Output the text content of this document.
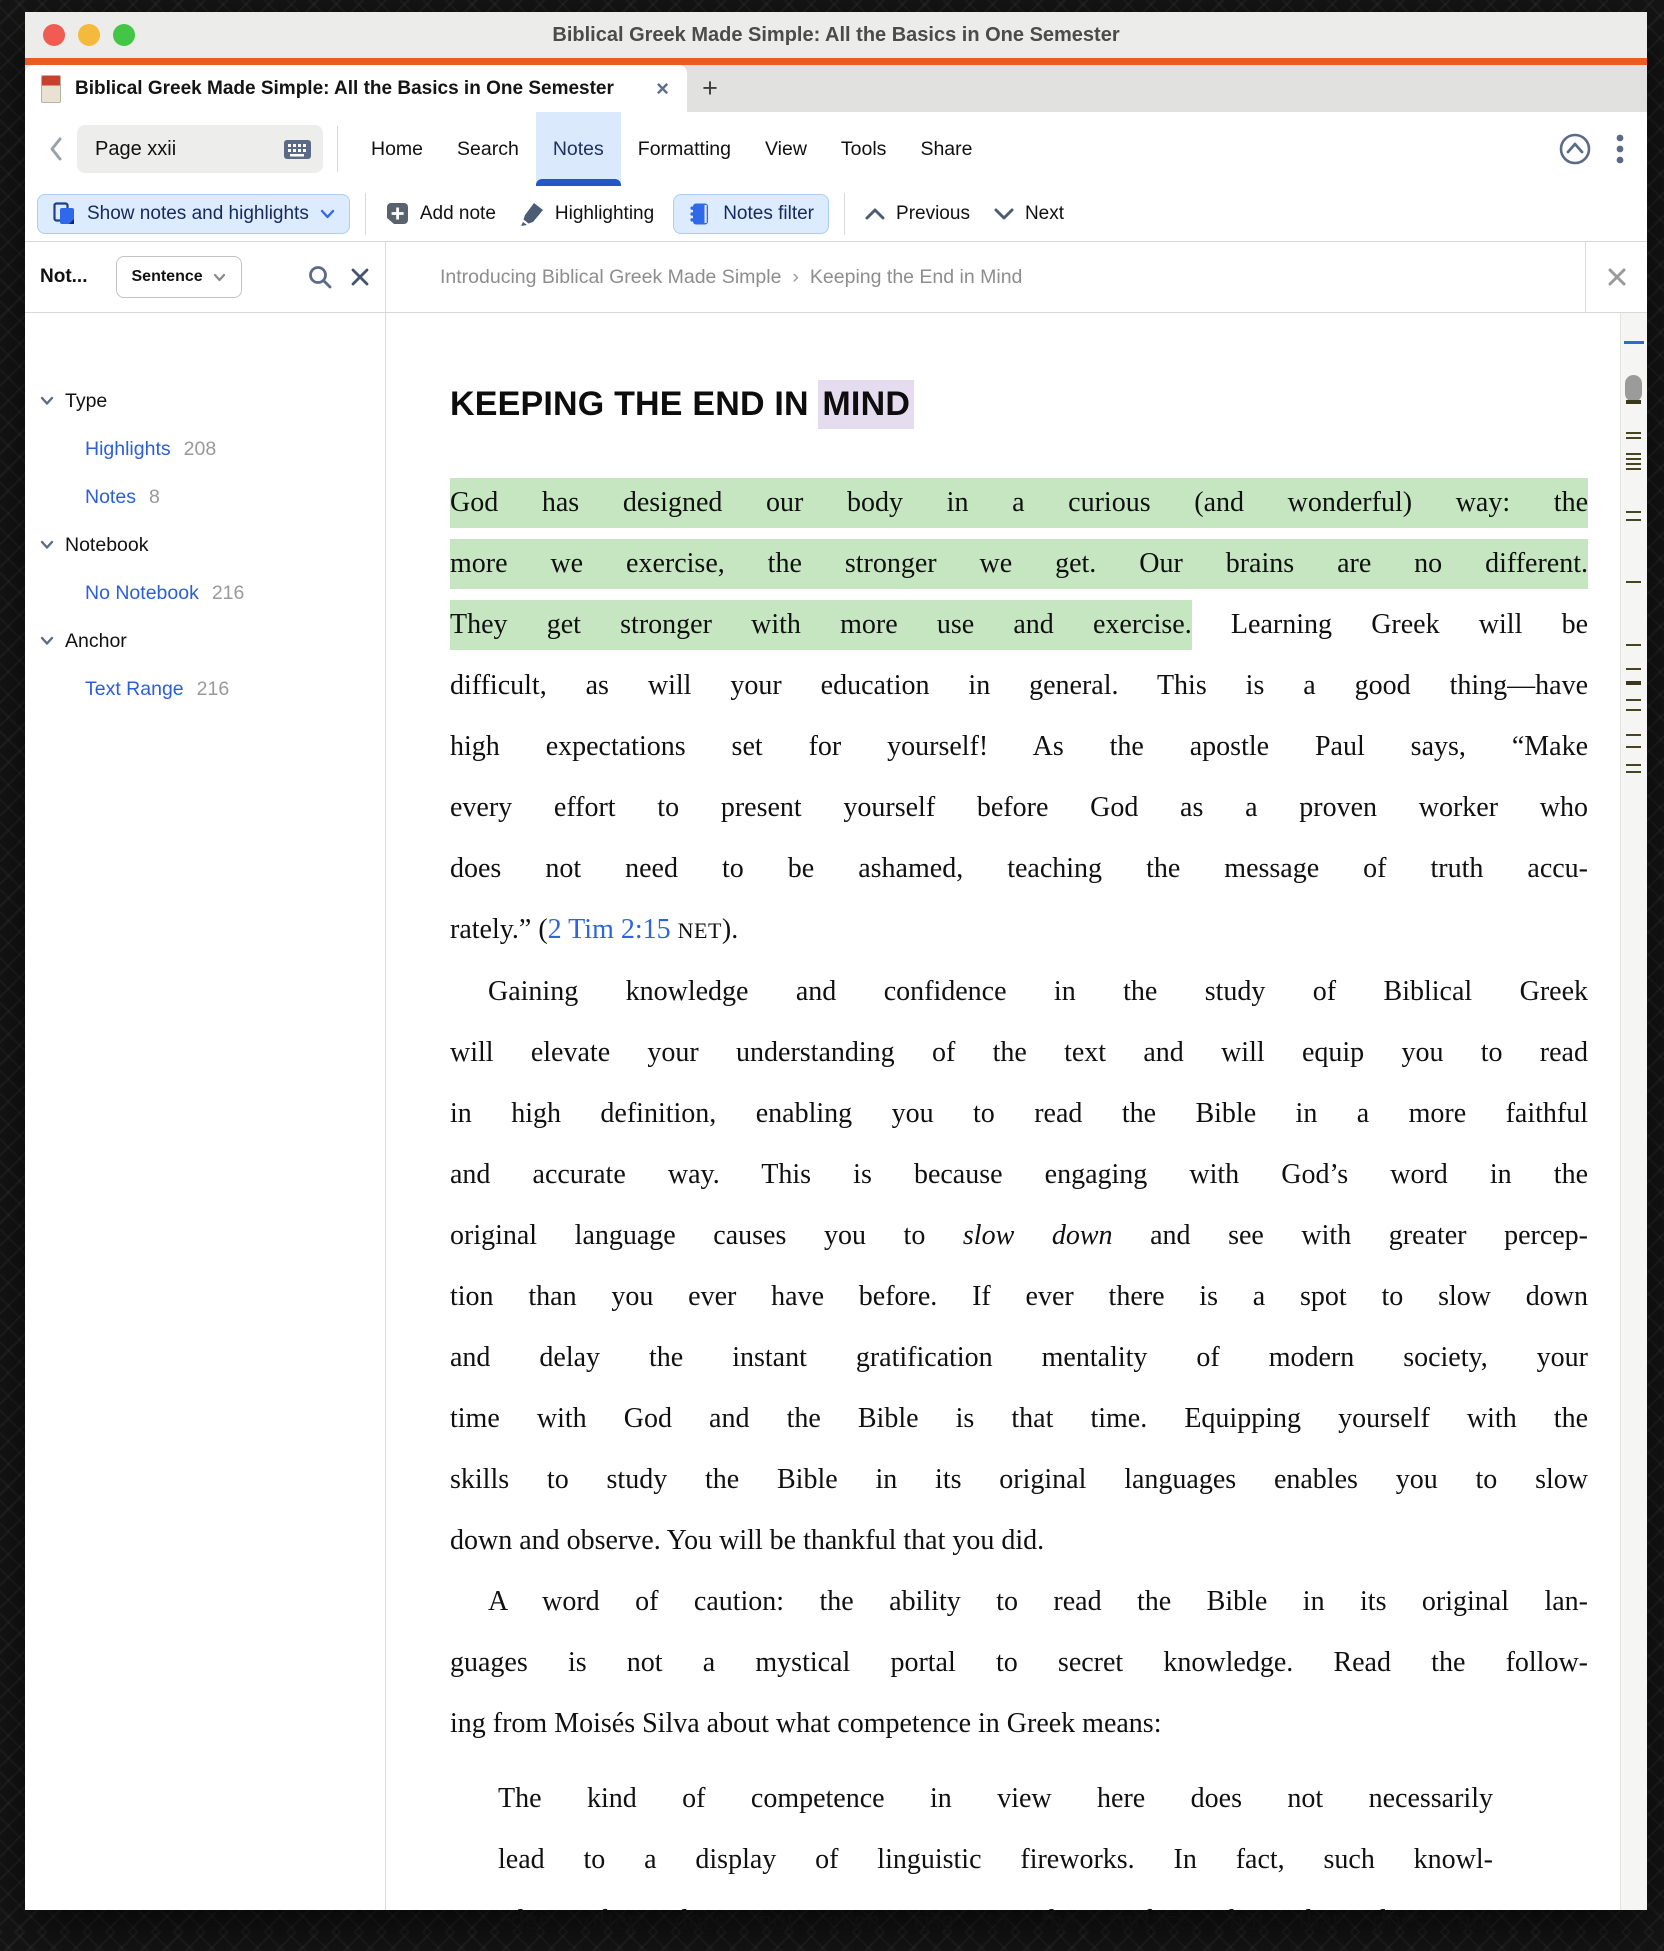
Biblical Greek Made Simple: All the Basics in One Semester
Biblical Greek Made Simple: All the Basics in One Semester ×	+
Page xxii
Home	Search	Notes	Formatting	View	Tools	Share
Show notes and highlights	Add note	Highlighting	Notes filter	Previous	Next
Not...	Sentence
Type
Highlights 208
Notes 8
Notebook
No Notebook 216
Anchor
Text Range 216
Introducing Biblical Greek Made Simple › Keeping the End in Mind
KEEPING THE END IN MIND
God has designed our body in a curious (and wonderful) way: the
more we exercise, the stronger we get. Our brains are no different.
They get stronger with more use and exercise. Learning Greek will be
difficult, as will your education in general. This is a good thing—have
high expectations set for yourself! As the apostle Paul says, “Make
every effort to present yourself before God as a proven worker who
does not need to be ashamed, teaching the message of truth accu-
rately.” (2 Tim 2:15 NET).
Gaining knowledge and confidence in the study of Biblical Greek
will elevate your understanding of the text and will equip you to read
in high definition, enabling you to read the Bible in a more faithful
and accurate way. This is because engaging with God’s word in the
original language causes you to slow down and see with greater percep-
tion than you ever have before. If ever there is a spot to slow down
and delay the instant gratification mentality of modern society, your
time with God and the Bible is that time. Equipping yourself with the
skills to study the Bible in its original languages enables you to slow
down and observe. You will be thankful that you did.
A word of caution: the ability to read the Bible in its original lan-
guages is not a mystical portal to secret knowledge. Read the follow-
ing from Moisés Silva about what competence in Greek means:
The kind of competence in view here does not necessarily
lead to a display of linguistic fireworks. In fact, such knowl-
edge often does not even rise to the surface, but that does not
